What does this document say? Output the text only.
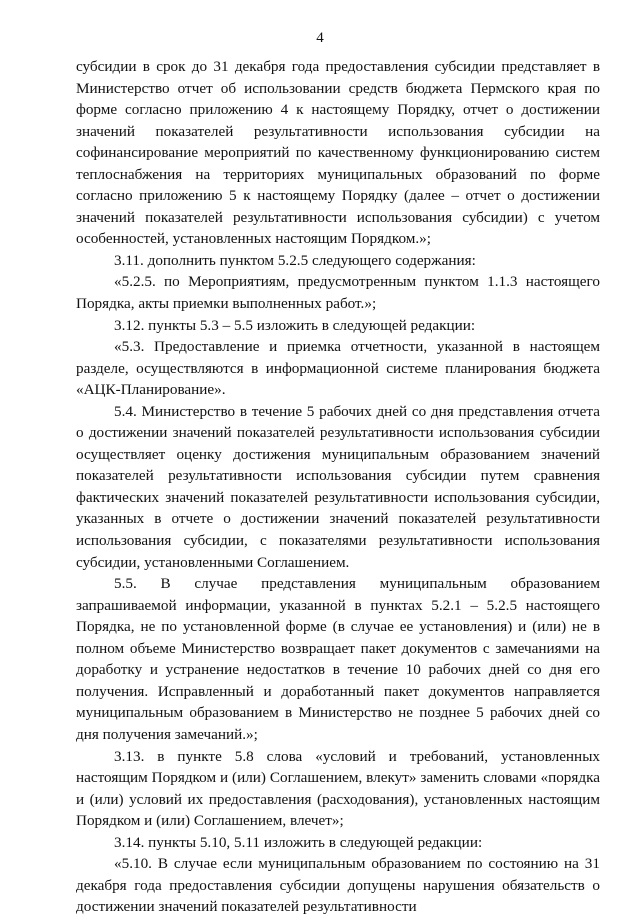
4

субсидии в срок до 31 декабря года предоставления субсидии представляет в Министерство отчет об использовании средств бюджета Пермского края по форме согласно приложению 4 к настоящему Порядку, отчет о достижении значений показателей результативности использования субсидии на софинансирование мероприятий по качественному функционированию систем теплоснабжения на территориях муниципальных образований по форме согласно приложению 5 к настоящему Порядку (далее – отчет о достижении значений показателей результативности использования субсидии) с учетом особенностей, установленных настоящим Порядком.»;

3.11. дополнить пунктом 5.2.5 следующего содержания:

«5.2.5. по Мероприятиям, предусмотренным пунктом 1.1.3 настоящего Порядка, акты приемки выполненных работ.»;

3.12. пункты 5.3 – 5.5 изложить в следующей редакции:

«5.3. Предоставление и приемка отчетности, указанной в настоящем разделе, осуществляются в информационной системе планирования бюджета «АЦК-Планирование».

5.4. Министерство в течение 5 рабочих дней со дня представления отчета о достижении значений показателей результативности использования субсидии осуществляет оценку достижения муниципальным образованием значений показателей результативности использования субсидии путем сравнения фактических значений показателей результативности использования субсидии, указанных в отчете о достижении значений показателей результативности использования субсидии, с показателями результативности использования субсидии, установленными Соглашением.

5.5. В случае представления муниципальным образованием запрашиваемой информации, указанной в пунктах 5.2.1 – 5.2.5 настоящего Порядка, не по установленной форме (в случае ее установления) и (или) не в полном объеме Министерство возвращает пакет документов с замечаниями на доработку и устранение недостатков в течение 10 рабочих дней со дня его получения. Исправленный и доработанный пакет документов направляется муниципальным образованием в Министерство не позднее 5 рабочих дней со дня получения замечаний.»;

3.13. в пункте 5.8 слова «условий и требований, установленных настоящим Порядком и (или) Соглашением, влекут» заменить словами «порядка и (или) условий их предоставления (расходования), установленных настоящим Порядком и (или) Соглашением, влечет»;

3.14. пункты 5.10, 5.11 изложить в следующей редакции:

«5.10. В случае если муниципальным образованием по состоянию на 31 декабря года предоставления субсидии допущены нарушения обязательств о достижении значений показателей результативности
